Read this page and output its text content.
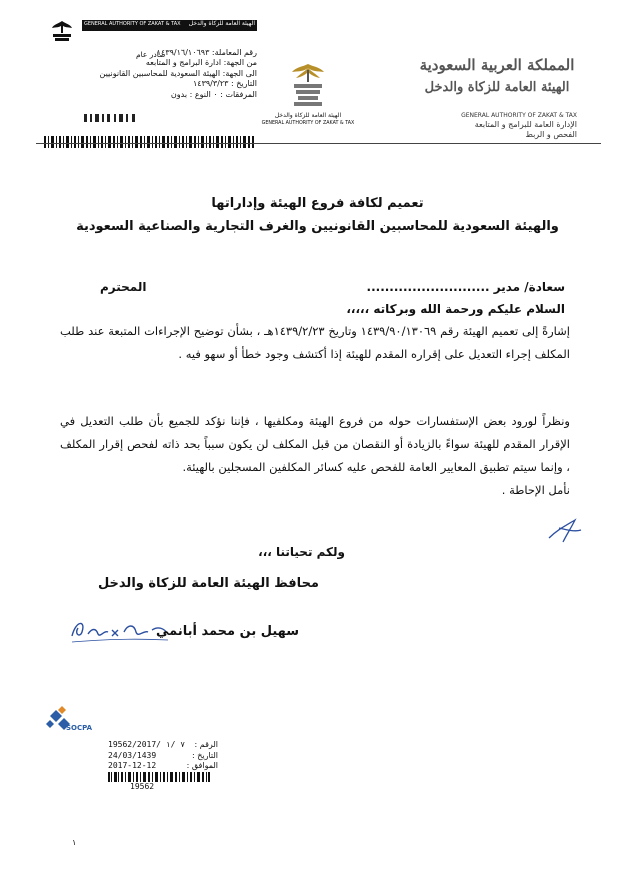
GENERAL AUTHORITY OF ZAKAT & TAX الهيئة العامة للزكاة والدخل
صادر عام
رقم المعاملة: ١٤٣٩/١٦/١٠٦٩٣
من الجهة: ادارة البرامج و المتابعه
الى الجهة: الهيئة السعودية للمحاسبين القانونيين
التاريخ : ١٤٣٩/٣/٢٣
المرفقات : ٠ النوع : بدون
الهيئة العامة للزكاة والدخل
GENERAL AUTHORITY OF ZAKAT & TAX
المملكة العربية السعودية
الهيئة العامة للزكاة والدخل
GENERAL AUTHORITY OF ZAKAT & TAX
الإدارة العامة للبرامج و المتابعة
الفحص و الربط
تعميم لكافة فروع الهيئة وإداراتها
والهيئة السعودية للمحاسبين القانونيين والغرف التجارية والصناعية السعودية
سعادة/ مدير ...........................
المحترم
السلام عليكم ورحمة الله وبركاته ،،،،،
إشارةً إلى تعميم الهيئة رقم ١٤٣٩/٩٠/١٣٠٦٩ وتاريخ ١٤٣٩/٢/٢٣هـ ، بشأن توضيح الإجراءات المتبعة عند طلب المكلف إجراء التعديل على إقراره المقدم للهيئة إذا أكتشف وجود خطأ أو سهو فيه .
ونظراً لورود بعض الإستفسارات حوله من فروع الهيئة ومكلفيها ، فإننا نؤكد للجميع بأن طلب التعديل في الإقرار المقدم للهيئة سواءً بالزيادة أو النقصان من قبل المكلف لن يكون سبباً بحد ذاته لفحص إقرار المكلف ، وإنما سيتم تطبيق المعايير العامة للفحص عليه كسائر المكلفين المسجلين بالهيئة.
نأمل الإحاطة .
ولكم تحياتنا ،،،
محافظ الهيئة العامة للزكاة والدخل
سهيل بن محمد أبانمي
SOCPA
19562/2017/ ٧ /١ الرقم :
24/03/1439	التاريخ :
2017-12-12	الموافق :
19562
١
